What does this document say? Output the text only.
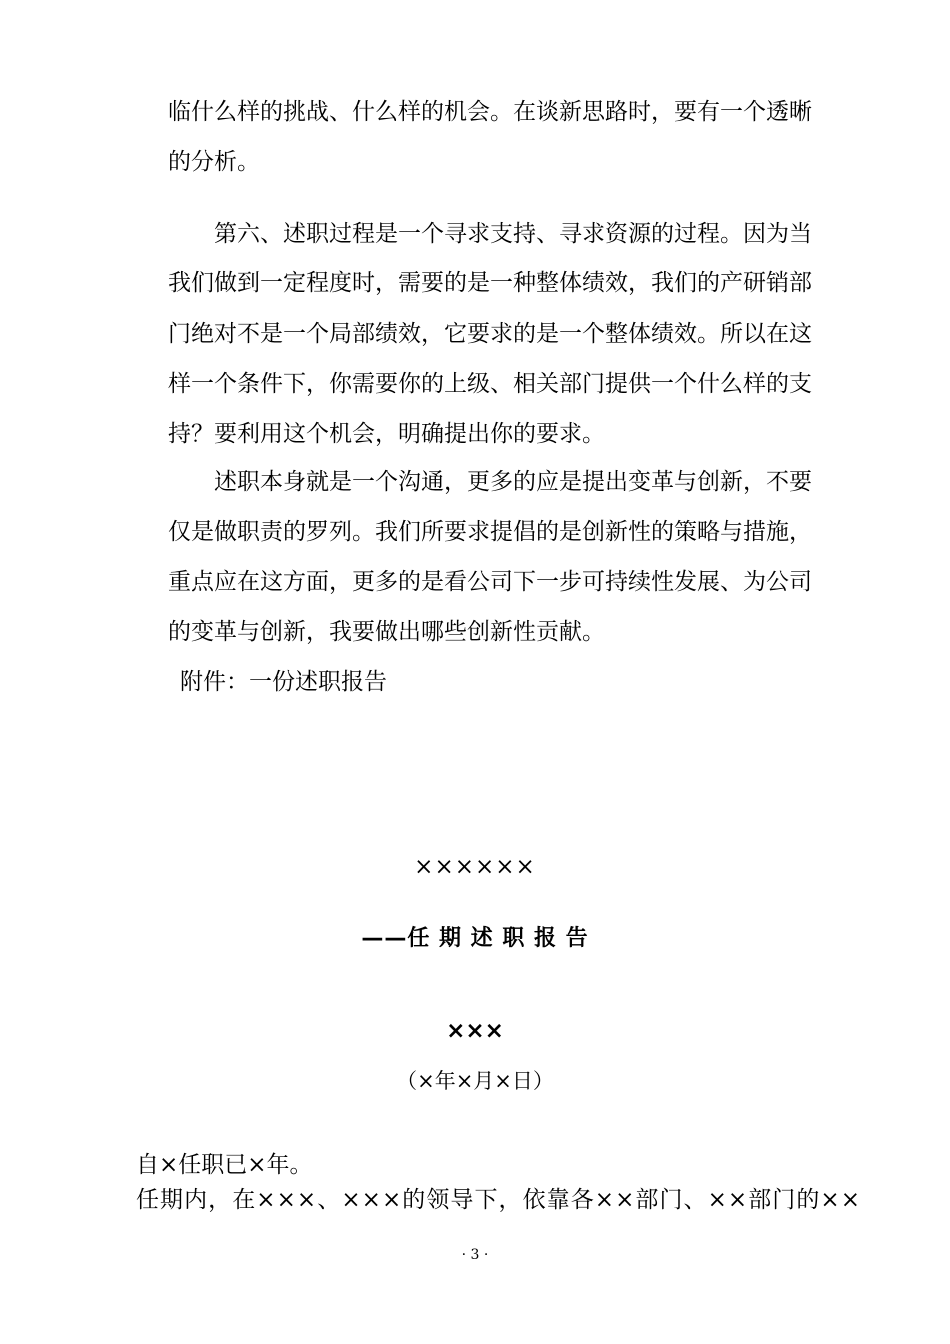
临什么样的挑战、什么样的机会。在谈新思路时，要有一个透晰
的分析。
第六、述职过程是一个寻求支持、寻求资源的过程。因为当
我们做到一定程度时，需要的是一种整体绩效，我们的产研销部
门绝对不是一个局部绩效，它要求的是一个整体绩效。所以在这
样一个条件下，你需要你的上级、相关部门提供一个什么样的支
持？要利用这个机会，明确提出你的要求。
述职本身就是一个沟通，更多的应是提出变革与创新，不要
仅是做职责的罗列。我们所要求提倡的是创新性的策略与措施，
重点应在这方面，更多的是看公司下一步可持续性发展、为公司
的变革与创新，我要做出哪些创新性贡献。
附件：一份述职报告
××××××
——任 期 述 职 报 告
×××
（×年×月×日）
自×任职已×年。
任期内，在×××、×××的领导下，依靠各××部门、××部门的××
· 3 ·
